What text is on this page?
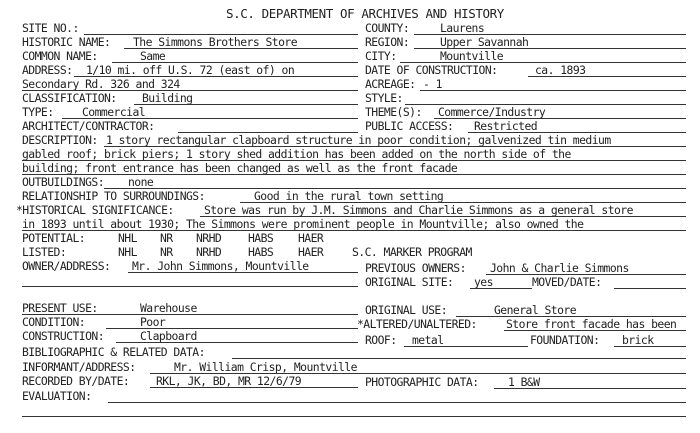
S.C. DEPARTMENT OF ARCHIVES AND HISTORY
SITE NO.:	COUNTY:	Laurens
HISTORIC NAME: The Simmons Brothers Store	REGION:	Upper Savannah
COMMON NAME:	Same	CITY:	Mountville
ADDRESS: 1/10 mi. off U.S. 72 (east of) on	DATE OF CONSTRUCTION:	ca. 1893
Secondary Rd. 326 and 324	ACREAGE: - 1
CLASSIFICATION: Building	STYLE:
TYPE: Commercial	THEME(S): Commerce/Industry
ARCHITECT/CONTRACTOR:	PUBLIC ACCESS: Restricted
DESCRIPTION: 1 story rectangular clapboard structure in poor condition; galvenized tin medium
gabled roof; brick piers; 1 story shed addition has been added on the north side of the
building; front entrance has been changed as well as the front facade
OUTBUILDINGS: none
RELATIONSHIP TO SURROUNDINGS:	Good in the rural town setting
*HISTORICAL SIGNIFICANCE:	Store was run by J.M. Simmons and Charlie Simmons as a general store
in 1893 until about 1930; The Simmons were prominent people in Mountville; also owned the
POTENTIAL:	NHL NR NRHD HABS HAER
LISTED:	NHL NR NRHD HABS HAER	S.C. MARKER PROGRAM
OWNER/ADDRESS: Mr. John Simmons, Mountville	PREVIOUS OWNERS: John & Charlie Simmons
ORIGINAL SITE: yes	MOVED/DATE:
PRESENT USE:	Warehouse	ORIGINAL USE:	General Store
CONDITION:	Poor	*ALTERED/UNALTERED:	Store front facade has been
CONSTRUCTION:	Clapboard	ROOF: metal	FOUNDATION: brick
BIBLIOGRAPHIC & RELATED DATA:
INFORMANT/ADDRESS:	Mr. William Crisp, Mountville
RECORDED BY/DATE: RKL, JK, BD, MR 12/6/79	PHOTOGRAPHIC DATA:	1 B&W
EVALUATION:
